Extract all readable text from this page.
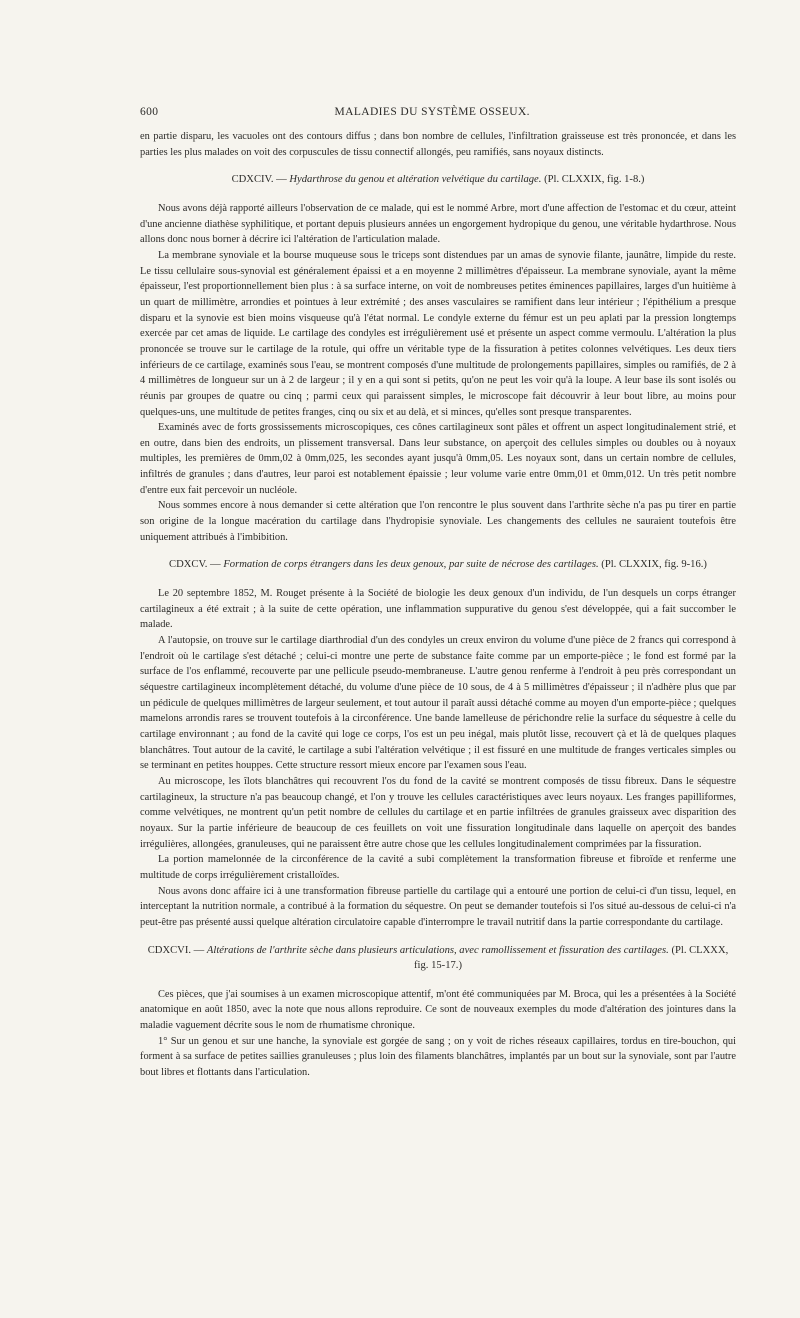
600	MALADIES DU SYSTÈME OSSEUX.

en partie disparu, les vacuoles ont des contours diffus ; dans bon nombre de cellules, l'infiltration graisseuse est très prononcée, et dans les parties les plus malades on voit des corpuscules de tissu connectif allongés, peu ramifiés, sans noyaux distincts.

CDXCIV. — Hydarthrose du genou et altération velvétique du cartilage. (Pl. CLXXIX, fig. 1-8.)

Nous avons déjà rapporté ailleurs l'observation de ce malade, qui est le nommé Arbre, mort d'une affection de l'estomac et du cœur, atteint d'une ancienne diathèse syphilitique, et portant depuis plusieurs années un engorgement hydropique du genou, une véritable hydarthrose. Nous allons donc nous borner à décrire ici l'altération de l'articulation malade.

La membrane synoviale et la bourse muqueuse sous le triceps sont distendues par un amas de synovie filante, jaunâtre, limpide du reste. Le tissu cellulaire sous-synovial est généralement épaissi et a en moyenne 2 millimètres d'épaisseur. La membrane synoviale, ayant la même épaisseur, l'est proportionnellement bien plus : à sa surface interne, on voit de nombreuses petites éminences papillaires, larges d'un huitième à un quart de millimètre, arrondies et pointues à leur extrémité ; des anses vasculaires se ramifient dans leur intérieur ; l'épithélium a presque disparu et la synovie est bien moins visqueuse qu'à l'état normal. Le condyle externe du fémur est un peu aplati par la pression longtemps exercée par cet amas de liquide. Le cartilage des condyles est irrégulièrement usé et présente un aspect comme vermoulu. L'altération la plus prononcée se trouve sur le cartilage de la rotule, qui offre un véritable type de la fissuration à petites colonnes velvétiques. Les deux tiers inférieurs de ce cartilage, examinés sous l'eau, se montrent composés d'une multitude de prolongements papillaires, simples ou ramifiés, de 2 à 4 millimètres de longueur sur un à 2 de largeur ; il y en a qui sont si petits, qu'on ne peut les voir qu'à la loupe. A leur base ils sont isolés ou réunis par groupes de quatre ou cinq ; parmi ceux qui paraissent simples, le microscope fait découvrir à leur bout libre, au moins pour quelques-uns, une multitude de petites franges, cinq ou six et au delà, et si minces, qu'elles sont presque transparentes.

Examinés avec de forts grossissements microscopiques, ces cônes cartilagineux sont pâles et offrent un aspect longitudinalement strié, et en outre, dans bien des endroits, un plissement transversal. Dans leur substance, on aperçoit des cellules simples ou doubles ou à noyaux multiples, les premières de 0mm,02 à 0mm,025, les secondes ayant jusqu'à 0mm,05. Les noyaux sont, dans un certain nombre de cellules, infiltrés de granules ; dans d'autres, leur paroi est notablement épaissie ; leur volume varie entre 0mm,01 et 0mm,012. Un très petit nombre d'entre eux fait percevoir un nucléole.

Nous sommes encore à nous demander si cette altération que l'on rencontre le plus souvent dans l'arthrite sèche n'a pas pu tirer en partie son origine de la longue macération du cartilage dans l'hydropisie synoviale. Les changements des cellules ne sauraient toutefois être uniquement attribués à l'imbibition.

CDXCV. — Formation de corps étrangers dans les deux genoux, par suite de nécrose des cartilages. (Pl. CLXXIX, fig. 9-16.)

Le 20 septembre 1852, M. Rouget présente à la Société de biologie les deux genoux d'un individu, de l'un desquels un corps étranger cartilagineux a été extrait ; à la suite de cette opération, une inflammation suppurative du genou s'est développée, qui a fait succomber le malade.

A l'autopsie, on trouve sur le cartilage diarthrodial d'un des condyles un creux environ du volume d'une pièce de 2 francs qui correspond à l'endroit où le cartilage s'est détaché ; celui-ci montre une perte de substance faite comme par un emporte-pièce ; le fond est formé par la surface de l'os enflammé, recouverte par une pellicule pseudo-membraneuse. L'autre genou renferme à l'endroit à peu près correspondant un séquestre cartilagineux incomplètement détaché, du volume d'une pièce de 10 sous, de 4 à 5 millimètres d'épaisseur ; il n'adhère plus que par un pédicule de quelques millimètres de largeur seulement, et tout autour il paraît aussi détaché comme au moyen d'un emporte-pièce ; quelques mamelons arrondis rares se trouvent toutefois à la circonférence. Une bande lamelleuse de périchondre relie la surface du séquestre à celle du cartilage environnant ; au fond de la cavité qui loge ce corps, l'os est un peu inégal, mais plutôt lisse, recouvert çà et là de quelques plaques blanchâtres. Tout autour de la cavité, le cartilage a subi l'altération velvétique ; il est fissuré en une multitude de franges verticales simples ou se terminant en petites houppes. Cette structure ressort mieux encore par l'examen sous l'eau.

Au microscope, les îlots blanchâtres qui recouvrent l'os du fond de la cavité se montrent composés de tissu fibreux. Dans le séquestre cartilagineux, la structure n'a pas beaucoup changé, et l'on y trouve les cellules caractéristiques avec leurs noyaux. Les franges papilliformes, comme velvétiques, ne montrent qu'un petit nombre de cellules du cartilage et en partie infiltrées de granules graisseux avec disparition des noyaux. Sur la partie inférieure de beaucoup de ces feuillets on voit une fissuration longitudinale dans laquelle on aperçoit des bandes irrégulières, allongées, granuleuses, qui ne paraissent être autre chose que les cellules longitudinalement comprimées par la fissuration.

La portion mamelonnée de la circonférence de la cavité a subi complètement la transformation fibreuse et fibroïde et renferme une multitude de corps irrégulièrement cristalloïdes.

Nous avons donc affaire ici à une transformation fibreuse partielle du cartilage qui a entouré une portion de celui-ci d'un tissu, lequel, en interceptant la nutrition normale, a contribué à la formation du séquestre. On peut se demander toutefois si l'os situé au-dessous de celui-ci n'a peut-être pas présenté aussi quelque altération circulatoire capable d'interrompre le travail nutritif dans la partie correspondante du cartilage.

CDXCVI. — Altérations de l'arthrite sèche dans plusieurs articulations, avec ramollissement et fissuration des cartilages. (Pl. CLXXX, fig. 15-17.)

Ces pièces, que j'ai soumises à un examen microscopique attentif, m'ont été communiquées par M. Broca, qui les a présentées à la Société anatomique en août 1850, avec la note que nous allons reproduire. Ce sont de nouveaux exemples du mode d'altération des jointures dans la maladie vaguement décrite sous le nom de rhumatisme chronique.

1° Sur un genou et sur une hanche, la synoviale est gorgée de sang ; on y voit de riches réseaux capillaires, tordus en tire-bouchon, qui forment à sa surface de petites saillies granuleuses ; plus loin des filaments blanchâtres, implantés par un bout sur la synoviale, sont par l'autre bout libres et flottants dans l'articulation.
